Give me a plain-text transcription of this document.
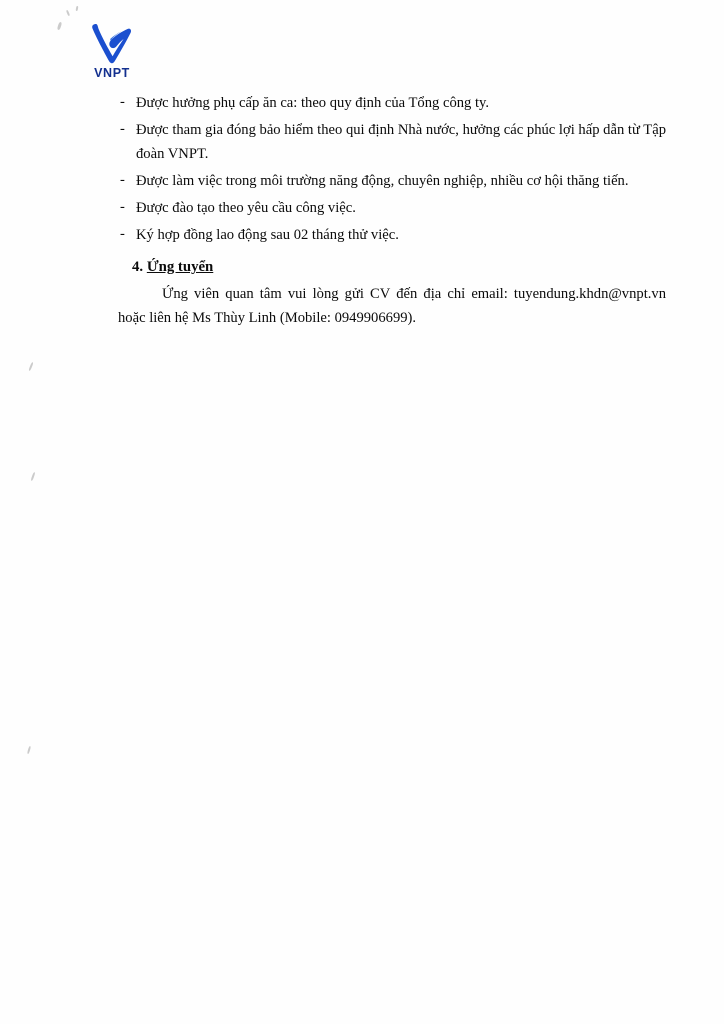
VNPT
- Được hưởng phụ cấp ăn ca: theo quy định của Tổng công ty.
- Được tham gia đóng bảo hiểm theo qui định Nhà nước, hưởng các phúc lợi hấp dẫn từ Tập đoàn VNPT.
- Được làm việc trong môi trường năng động, chuyên nghiệp, nhiều cơ hội thăng tiến.
- Được đào tạo theo yêu cầu công việc.
- Ký hợp đồng lao động sau 02 tháng thử việc.
4. Ứng tuyển
Ứng viên quan tâm vui lòng gửi CV đến địa chỉ email: tuyendung.khdn@vnpt.vn hoặc liên hệ Ms Thùy Linh (Mobile: 0949906699).
